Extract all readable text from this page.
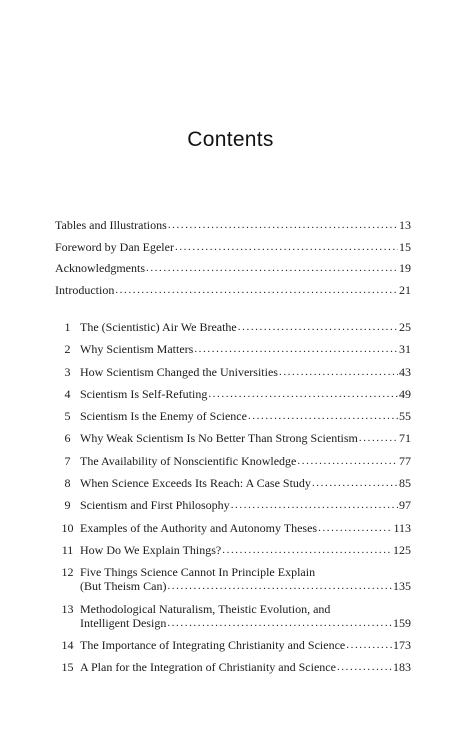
Contents
Tables and Illustrations .....	13
Foreword by Dan Egeler .....	15
Acknowledgments .....	19
Introduction .....	21
1 The (Scientistic) Air We Breathe .....	25
2 Why Scientism Matters .....	31
3 How Scientism Changed the Universities .....	43
4 Scientism Is Self-Refuting .....	49
5 Scientism Is the Enemy of Science .....	55
6 Why Weak Scientism Is No Better Than Strong Scientism .....	71
7 The Availability of Nonscientific Knowledge .....	77
8 When Science Exceeds Its Reach: A Case Study .....	85
9 Scientism and First Philosophy .....	97
10 Examples of the Authority and Autonomy Theses .....	113
11 How Do We Explain Things? .....	125
12 Five Things Science Cannot In Principle Explain
(But Theism Can) .....	135
13 Methodological Naturalism, Theistic Evolution, and
Intelligent Design .....	159
14 The Importance of Integrating Christianity and Science .....	173
15 A Plan for the Integration of Christianity and Science .....	183
